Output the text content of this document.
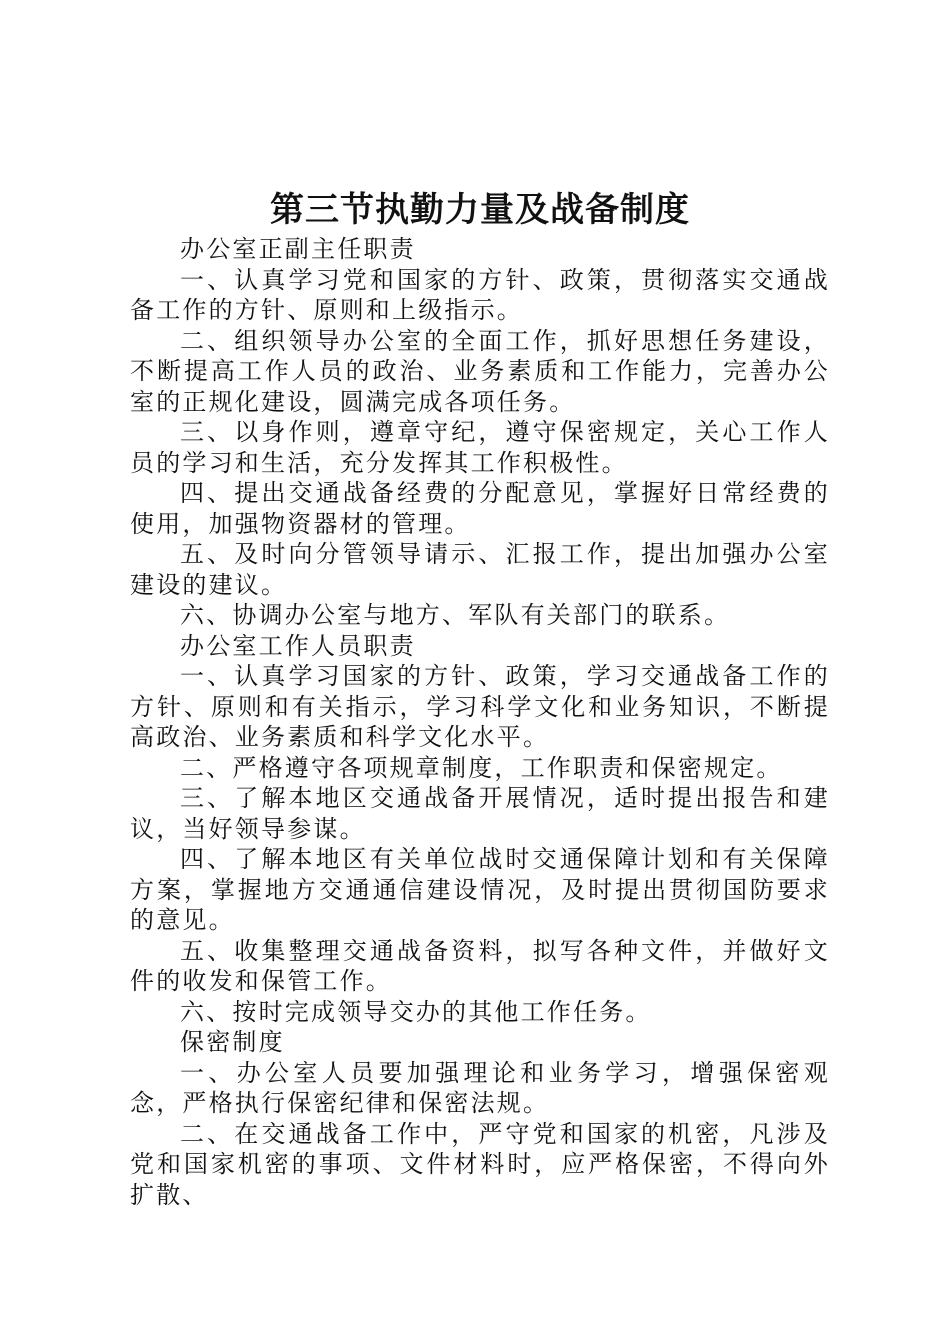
第三节执勤力量及战备制度

办公室正副主任职责

一、认真学习党和国家的方针、政策，贯彻落实交通战备工作的方针、原则和上级指示。

二、组织领导办公室的全面工作，抓好思想任务建设，不断提高工作人员的政治、业务素质和工作能力，完善办公室的正规化建设，圆满完成各项任务。

三、以身作则，遵章守纪，遵守保密规定，关心工作人员的学习和生活，充分发挥其工作积极性。

四、提出交通战备经费的分配意见，掌握好日常经费的使用，加强物资器材的管理。

五、及时向分管领导请示、汇报工作，提出加强办公室建设的建议。

六、协调办公室与地方、军队有关部门的联系。

办公室工作人员职责

一、认真学习国家的方针、政策，学习交通战备工作的方针、原则和有关指示，学习科学文化和业务知识，不断提高政治、业务素质和科学文化水平。

二、严格遵守各项规章制度，工作职责和保密规定。

三、了解本地区交通战备开展情况，适时提出报告和建议，当好领导参谋。

四、了解本地区有关单位战时交通保障计划和有关保障方案，掌握地方交通通信建设情况，及时提出贯彻国防要求的意见。

五、收集整理交通战备资料，拟写各种文件，并做好文件的收发和保管工作。

六、按时完成领导交办的其他工作任务。

保密制度

一、办公室人员要加强理论和业务学习，增强保密观念，严格执行保密纪律和保密法规。

二、在交通战备工作中，严守党和国家的机密，凡涉及党和国家机密的事项、文件材料时，应严格保密，不得向外扩散、
